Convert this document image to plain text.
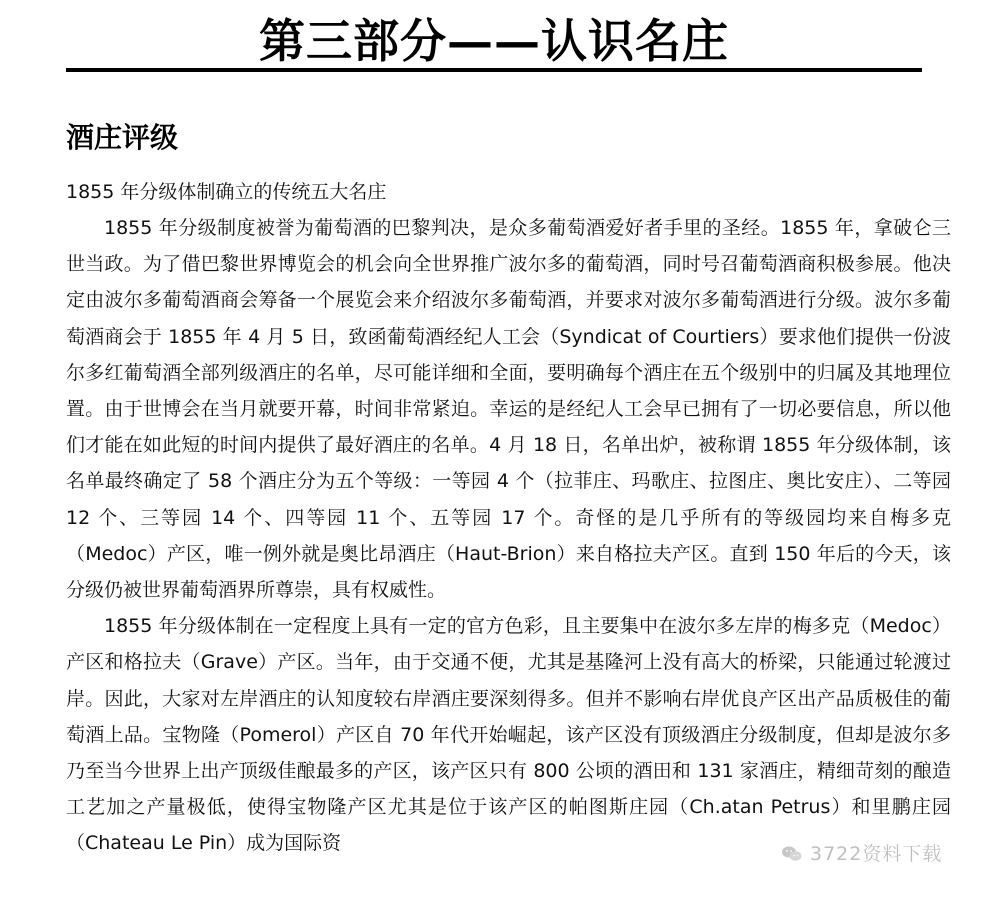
第三部分——认识名庄
酒庄评级
1855 年分级体制确立的传统五大名庄

1855 年分级制度被誉为葡萄酒的巴黎判决，是众多葡萄酒爱好者手里的圣经。1855 年，拿破仑三世当政。为了借巴黎世界博览会的机会向全世界推广波尔多的葡萄酒，同时号召葡萄酒商积极参展。他决定由波尔多葡萄酒商会筹备一个展览会来介绍波尔多葡萄酒，并要求对波尔多葡萄酒进行分级。波尔多葡萄酒商会于 1855 年 4 月 5 日，致函葡萄酒经纪人工会（Syndicat of Courtiers）要求他们提供一份波尔多红葡萄酒全部列级酒庄的名单，尽可能详细和全面，要明确每个酒庄在五个级别中的归属及其地理位置。由于世博会在当月就要开幕，时间非常紧迫。幸运的是经纪人工会早已拥有了一切必要信息，所以他们才能在如此短的时间内提供了最好酒庄的名单。4 月 18 日，名单出炉，被称谓 1855 年分级体制，该名单最终确定了 58 个酒庄分为五个等级：一等园 4 个（拉菲庄、玛歌庄、拉图庄、奥比安庄）、二等园 12 个、三等园 14 个、四等园 11 个、五等园 17 个。奇怪的是几乎所有的等级园均来自梅多克（Medoc）产区，唯一例外就是奥比昂酒庄（Haut-Brion）来自格拉夫产区。直到 150 年后的今天，该分级仍被世界葡萄酒界所尊崇，具有权威性。

1855 年分级体制在一定程度上具有一定的官方色彩，且主要集中在波尔多左岸的梅多克（Medoc）产区和格拉夫（Grave）产区。当年，由于交通不便，尤其是基隆河上没有高大的桥梁，只能通过轮渡过岸。因此，大家对左岸酒庄的认知度较右岸酒庄要深刻得多。但并不影响右岸优良产区出产品质极佳的葡萄酒上品。宝物隆（Pomerol）产区自 70 年代开始崛起，该产区没有顶级酒庄分级制度，但却是波尔多乃至当今世界上出产顶级佳酿最多的产区，该产区只有 800 公顷的酒田和 131 家酒庄，精细苛刻的酿造工艺加之产量极低，使得宝物隆产区尤其是位于该产区的帕图斯庄园（Ch.atan Petrus）和里鹏庄园（Chateau Le Pin）成为国际资	3722资料下载
